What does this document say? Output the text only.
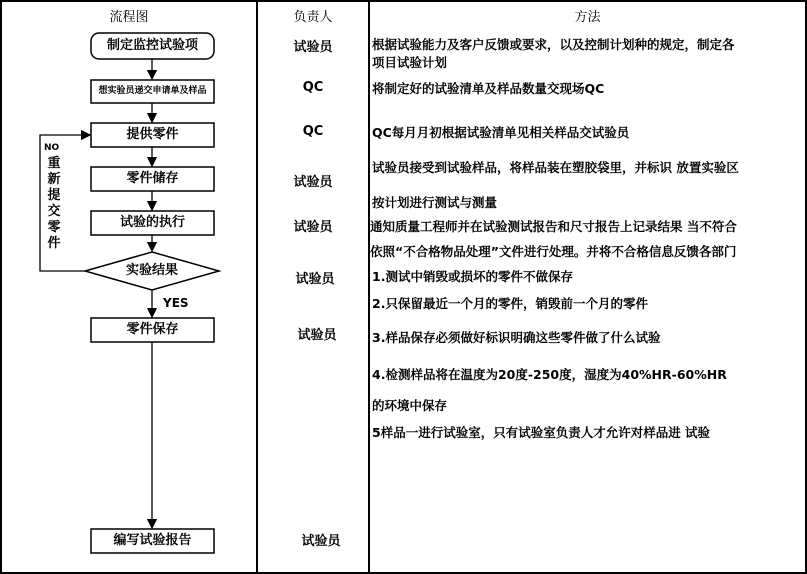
流程图	负责人	方法
制定监控试验项
想实验员递交申请单及样品
提供零件
零件储存
试验的执行
实验结果
零件保存
编写试验报告
NO
重新提交零件
YES
试验员
QC
QC
试验员
试验员
试验员
试验员
试验员
根据试验能力及客户反馈或要求，以及控制计划种的规定，制定各
项目试验计划
将制定好的试验清单及样品数量交现场QC
QC每月月初根据试验清单见相关样品交试验员
试验员接受到试验样品，将样品装在塑胶袋里，并标识 放置实验区
按计划进行测试与测量
通知质量工程师并在试验测试报告和尺寸报告上记录结果 当不符合
依照“不合格物品处理”文件进行处理。并将不合格信息反馈各部门
1.测试中销毁或损坏的零件不做保存
2.只保留最近一个月的零件，销毁前一个月的零件
3.样品保存必须做好标识明确这些零件做了什么试验
4.检测样品将在温度为20度-250度，湿度为40%HR-60%HR
的环境中保存
5样品一进行试验室，只有试验室负责人才允许对样品进 试验
